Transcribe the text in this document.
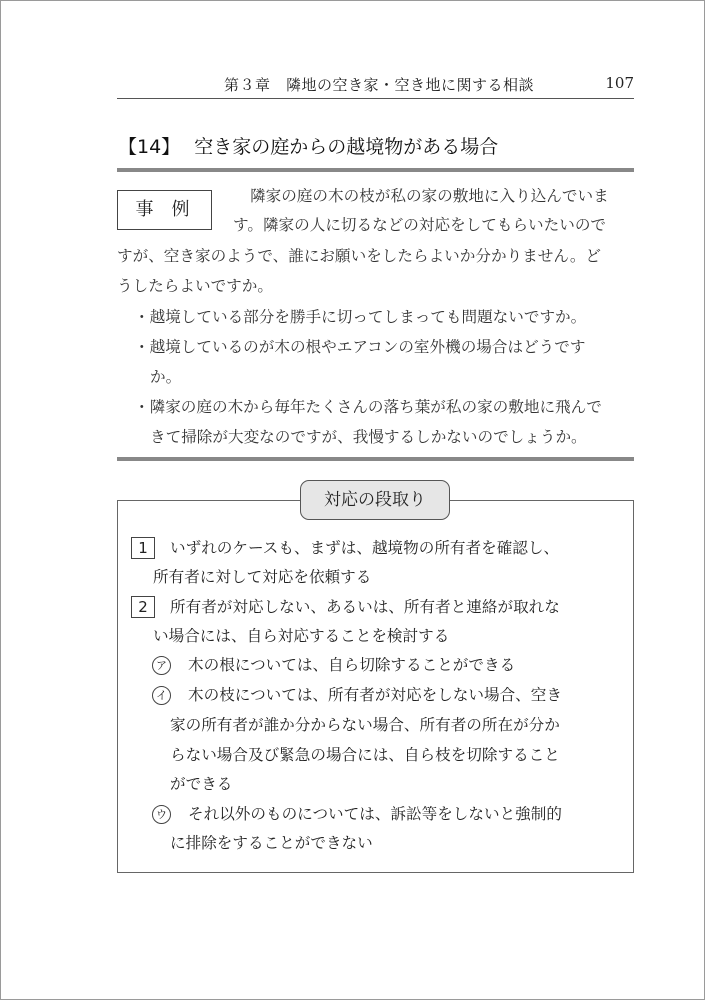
第３章　隣地の空き家・空き地に関する相談	107
【14】 空き家の庭からの越境物がある場合
事例
隣家の庭の木の枝が私の家の敷地に入り込んでいま
す。隣家の人に切るなどの対応をしてもらいたいので
すが、空き家のようで、誰にお願いをしたらよいか分かりません。ど
うしたらよいですか。
・越境している部分を勝手に切ってしまっても問題ないですか。
・越境しているのが木の根やエアコンの室外機の場合はどうです
か。
・隣家の庭の木から毎年たくさんの落ち葉が私の家の敷地に飛んで
きて掃除が大変なのですが、我慢するしかないのでしょうか。
対応の段取り
1	いずれのケースも、まずは、越境物の所有者を確認し、
所有者に対して対応を依頼する
2	所有者が対応しない、あるいは、所有者と連絡が取れな
い場合には、自ら対応することを検討する
ア 木の根については、自ら切除することができる
イ 木の枝については、所有者が対応をしない場合、空き
家の所有者が誰か分からない場合、所有者の所在が分か
らない場合及び緊急の場合には、自ら枝を切除すること
ができる
ウ それ以外のものについては、訴訟等をしないと強制的
に排除をすることができない
